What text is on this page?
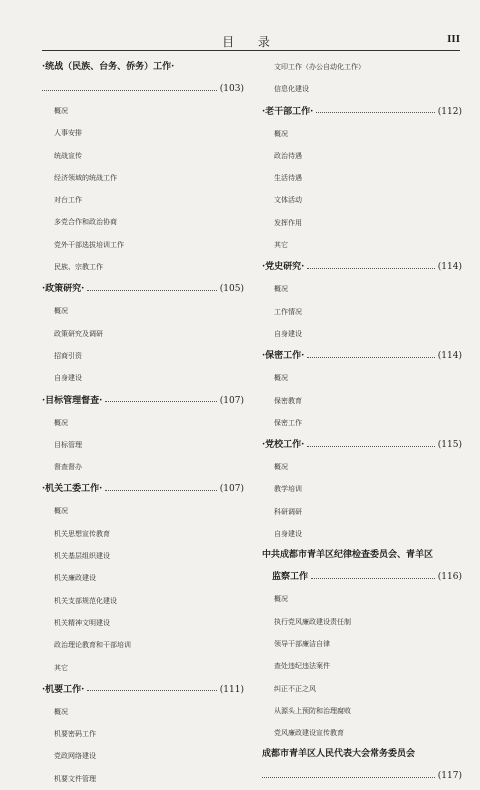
目 录	III
·统战（民族、台务、侨务）工作·
(103)
概况
人事安排
统战宣传
经济领域的统战工作
对台工作
多党合作和政治协商
党外干部选拔培训工作
民族、宗教工作
·政策研究·	(105)
概况
政策研究及调研
招商引资
自身建设
·目标管理督查·	(107)
概况
目标管理
督查督办
·机关工委工作·	(107)
概况
机关思想宣传教育
机关基层组织建设
机关廉政建设
机关支部规范化建设
机关精神文明建设
政治理论教育和干部培训
其它
·机要工作·	(111)
概况
机要密码工作
党政网络建设
机要文件管理
文印工作（办公自动化工作）
信息化建设
·老干部工作·	(112)
概况
政治待遇
生活待遇
文体活动
发挥作用
其它
·党史研究·	(114)
概况
工作情况
自身建设
·保密工作·	(114)
概况
保密教育
保密工作
·党校工作·	(115)
概况
教学培训
科研调研
自身建设
中共成都市青羊区纪律检查委员会、青羊区
监察工作	(116)
概况
执行党风廉政建设责任制
领导干部廉洁自律
查处违纪违法案件
纠正不正之风
从源头上预防和治理腐败
党风廉政建设宣传教育
成都市青羊区人民代表大会常务委员会
(117)
